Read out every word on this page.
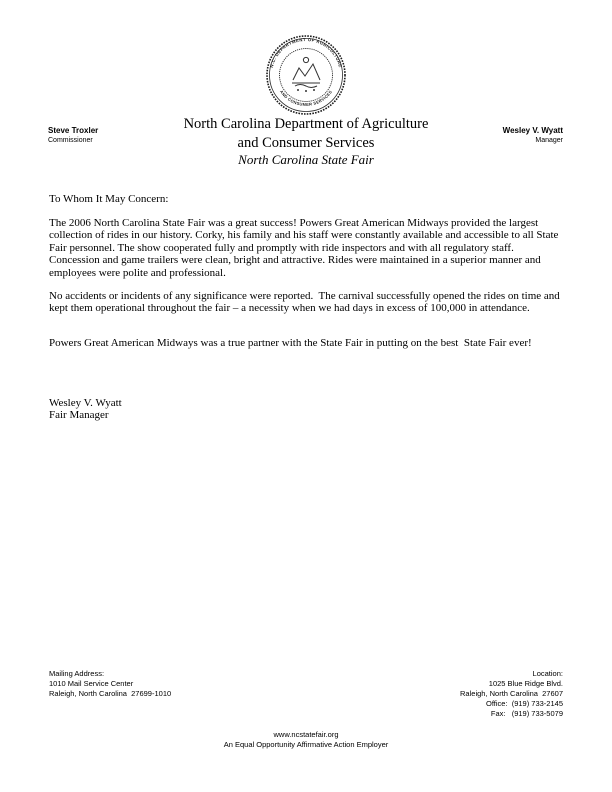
N.C. DEPARTMENT OF AGRICULTURE
AND CONSUMER SERVICES
Steve Troxler
Commissioner
North Carolina Department of Agriculture
and Consumer Services
North Carolina State Fair
Wesley V. Wyatt
Manager
To Whom It May Concern:

The 2006 North Carolina State Fair was a great success! Powers Great American Midways provided the largest collection of rides in our history. Corky, his family and his staff were constantly available and accessible to all State Fair personnel. The show cooperated fully and promptly with ride inspectors and with all regulatory staff. Concession and game trailers were clean, bright and attractive. Rides were maintained in a superior manner and employees were polite and professional.

No accidents or incidents of any significance were reported.  The carnival successfully opened the rides on time and kept them operational throughout the fair – a necessity when we had days in excess of 100,000 in attendance.

Powers Great American Midways was a true partner with the State Fair in putting on the best  State Fair ever!

Wesley V. Wyatt
Fair Manager
Mailing Address:
1010 Mail Service Center
Raleigh, North Carolina  27699-1010
Location:
1025 Blue Ridge Blvd.
Raleigh, North Carolina  27607
Office:  (919) 733-2145
Fax:   (919) 733-5079
www.ncstatefair.org
An Equal Opportunity Affirmative Action Employer
